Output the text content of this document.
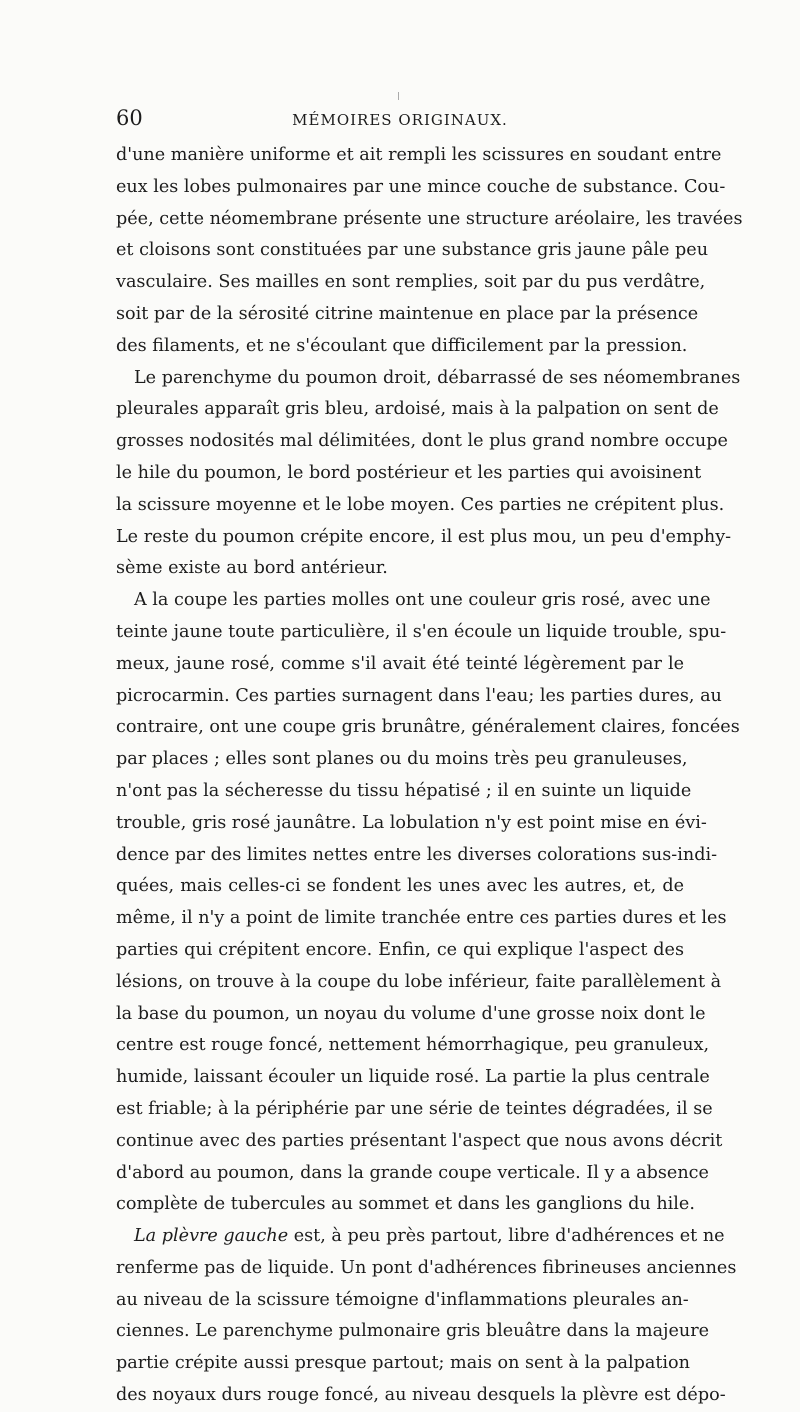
60	MÉMOIRES ORIGINAUX.
d'une manière uniforme et ait rempli les scissures en soudant entre
eux les lobes pulmonaires par une mince couche de substance. Cou-
pée, cette néomembrane présente une structure aréolaire, les travées
et cloisons sont constituées par une substance gris jaune pâle peu
vasculaire. Ses mailles en sont remplies, soit par du pus verdâtre,
soit par de la sérosité citrine maintenue en place par la présence
des filaments, et ne s'écoulant que difficilement par la pression.
Le parenchyme du poumon droit, débarrassé de ses néomembranes
pleurales apparaît gris bleu, ardoisé, mais à la palpation on sent de
grosses nodosités mal délimitées, dont le plus grand nombre occupe
le hile du poumon, le bord postérieur et les parties qui avoisinent
la scissure moyenne et le lobe moyen. Ces parties ne crépitent plus.
Le reste du poumon crépite encore, il est plus mou, un peu d'emphy-
sème existe au bord antérieur.
A la coupe les parties molles ont une couleur gris rosé, avec une
teinte jaune toute particulière, il s'en écoule un liquide trouble, spu-
meux, jaune rosé, comme s'il avait été teinté légèrement par le
picrocarmin. Ces parties surnagent dans l'eau; les parties dures, au
contraire, ont une coupe gris brunâtre, généralement claires, foncées
par places ; elles sont planes ou du moins très peu granuleuses,
n'ont pas la sécheresse du tissu hépatisé ; il en suinte un liquide
trouble, gris rosé jaunâtre. La lobulation n'y est point mise en évi-
dence par des limites nettes entre les diverses colorations sus-indi-
quées, mais celles-ci se fondent les unes avec les autres, et, de
même, il n'y a point de limite tranchée entre ces parties dures et les
parties qui crépitent encore. Enfin, ce qui explique l'aspect des
lésions, on trouve à la coupe du lobe inférieur, faite parallèlement à
la base du poumon, un noyau du volume d'une grosse noix dont le
centre est rouge foncé, nettement hémorrhagique, peu granuleux,
humide, laissant écouler un liquide rosé. La partie la plus centrale
est friable; à la périphérie par une série de teintes dégradées, il se
continue avec des parties présentant l'aspect que nous avons décrit
d'abord au poumon, dans la grande coupe verticale. Il y a absence
complète de tubercules au sommet et dans les ganglions du hile.
La plèvre gauche est, à peu près partout, libre d'adhérences et ne
renferme pas de liquide. Un pont d'adhérences fibrineuses anciennes
au niveau de la scissure témoigne d'inflammations pleurales an-
ciennes. Le parenchyme pulmonaire gris bleuâtre dans la majeure
partie crépite aussi presque partout; mais on sent à la palpation
des noyaux durs rouge foncé, au niveau desquels la plèvre est dépo-
